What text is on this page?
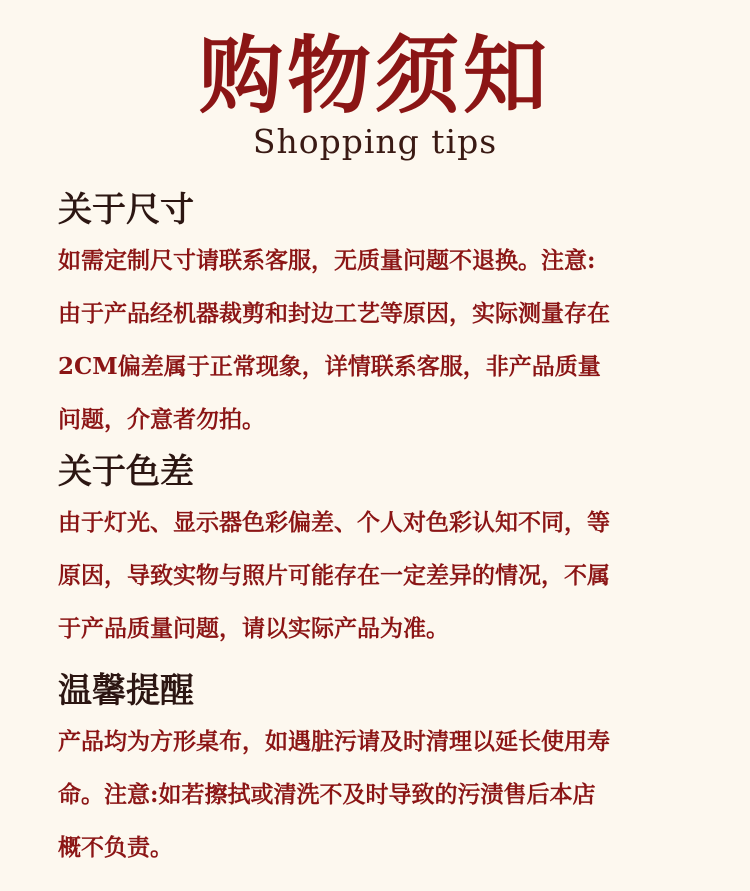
购物须知
Shopping tips
关于尺寸

如需定制尺寸请联系客服，无质量问题不退换。注意:

由于产品经机器裁剪和封边工艺等原因，实际测量存在

2CM偏差属于正常现象，详情联系客服，非产品质量

问题，介意者勿拍。

关于色差

由于灯光、显示器色彩偏差、个人对色彩认知不同，等

原因，导致实物与照片可能存在一定差异的情况，不属

于产品质量问题，请以实际产品为准。

温馨提醒

产品均为方形桌布，如遇脏污请及时清理以延长使用寿

命。注意:如若擦拭或清洗不及时导致的污渍售后本店

概不负责。
